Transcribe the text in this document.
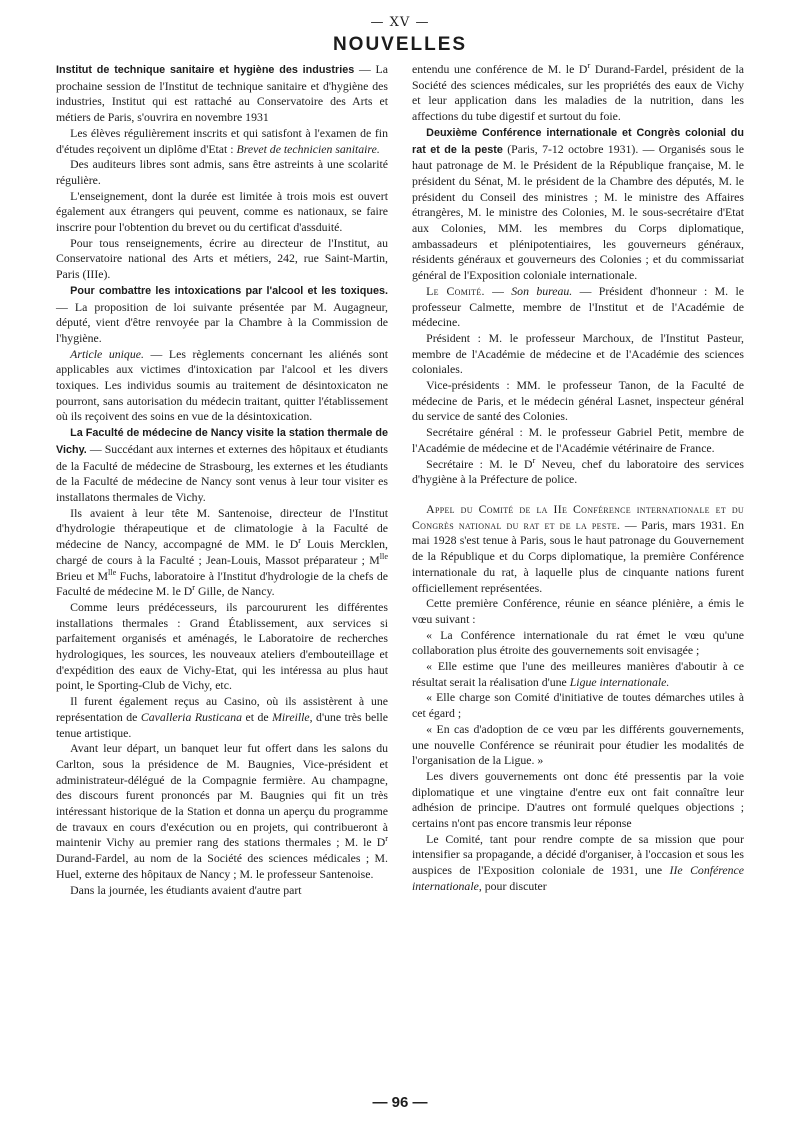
— XV —
NOUVELLES

Institut de technique sanitaire et hygiène des industries — La prochaine session de l'Institut de technique sanitaire et d'hygiène des industries, Institut qui est rattaché au Conservatoire des Arts et métiers de Paris, s'ouvrira en novembre 1931

Les élèves régulièrement inscrits et qui satisfont à l'examen de fin d'études reçoivent un diplôme d'Etat : Brevet de technicien sanitaire.

Des auditeurs libres sont admis, sans être astreints à une scolarité régulière.

L'enseignement, dont la durée est limitée à trois mois est ouvert également aux étrangers qui peuvent, comme es nationaux, se faire inscrire pour l'obtention du brevet ou du certificat d'assduité.

Pour tous renseignements, écrire au directeur de l'Institut, au Conservatoire national des Arts et métiers, 242, rue Saint-Martin, Paris (IIIe).

Pour combattre les intoxications par l'alcool et les toxiques. — La proposition de loi suivante présentée par M. Augagneur, député, vient d'être renvoyée par la Chambre à la Commission de l'hygiène.

Article unique. — Les règlements concernant les aliénés sont applicables aux victimes d'intoxication par l'alcool et les divers toxiques. Les individus soumis au traitement de désintoxicaton ne pourront, sans autorisation du médecin traitant, quitter l'établissement où ils reçoivent des soins en vue de la désintoxication.

La Faculté de médecine de Nancy visite la station thermale de Vichy. — Succédant aux internes et externes des hôpitaux et étudiants de la Faculté de médecine de Strasbourg, les externes et les étudiants de la Faculté de médecine de Nancy sont venus à leur tour visiter es installatons thermales de Vichy.

Ils avaient à leur tête M. Santenoise, directeur de l'Institut d'hydrologie thérapeutique et de climatologie à la Faculté de médecine de Nancy, accompagné de MM. le $D^r$ Louis Mercklen, chargé de cours à la Faculté ; Jean-Louis, Massot préparateur ; $M^{lle}$ Brieu et $M^{lle}$ Fuchs, laboratoire à l'Institut d'hydrologie de la chefs de Faculté de médecine M. le $D^r$ Gille, de Nancy.

Comme leurs prédécesseurs, ils parcoururent les différentes installations thermales : Grand Établissement, aux services si parfaitement organisés et aménagés, le Laboratoire de recherches hydrologiques, les sources, les nouveaux ateliers d'embouteillage et d'expédition des eaux de Vichy-Etat, qui les intéressa au plus haut point, le Sporting-Club de Vichy, etc.

Il furent également reçus au Casino, où ils assistèrent à une représentation de Cavalleria Rusticana et de Mireille, d'une très belle tenue artistique.

Avant leur départ, un banquet leur fut offert dans les salons du Carlton, sous la présidence de M. Baugnies, Vice-président et administrateur-délégué de la Compagnie fermière. Au champagne, des discours furent prononcés par M. Baugnies qui fit un très intéressant historique de la Station et donna un aperçu du programme de travaux en cours d'exécution ou en projets, qui contribueront à maintenir Vichy au premier rang des stations thermales ; M. le $D^r$ Durand-Fardel, au nom de la Société des sciences médicales ; M. Huel, externe des hôpitaux de Nancy ; M. le professeur Santenoise.

Dans la journée, les étudiants avaient d'autre part

entendu une conférence de M. le $D^r$ Durand-Fardel, président de la Société des sciences médicales, sur les propriétés des eaux de Vichy et leur application dans les maladies de la nutrition, dans les affections du tube digestif et surtout du foie.

Deuxième Conférence internationale et Congrès colonial du rat et de la peste (Paris, 7-12 octobre 1931). — Organisés sous le haut patronage de M. le Président de la République française, M. le président du Sénat, M. le président de la Chambre des députés, M. le président du Conseil des ministres ; M. le ministre des Affaires étrangères, M. le ministre des Colonies, M. le sous-secrétaire d'Etat aux Colonies, MM. les membres du Corps diplomatique, ambassadeurs et plénipotentiaires, les gouverneurs généraux, résidents généraux et gouverneurs des Colonies ; et du commissariat général de l'Exposition coloniale internationale.

Le Comité. — Son bureau. — Président d'honneur : M. le professeur Calmette, membre de l'Institut et de l'Académie de médecine.

Président : M. le professeur Marchoux, de l'Institut Pasteur, membre de l'Académie de médecine et de l'Académie des sciences coloniales.

Vice-présidents : MM. le professeur Tanon, de la Faculté de médecine de Paris, et le médecin général Lasnet, inspecteur général du service de santé des Colonies.

Secrétaire général : M. le professeur Gabriel Petit, membre de l'Académie de médecine et de l'Académie vétérinaire de France.

Secrétaire : M. le $D^r$ Neveu, chef du laboratoire des services d'hygiène à la Préfecture de police.

Appel du Comité de la IIe Conférence internationale et du Congrès national du rat et de la peste. — Paris, mars 1931. En mai 1928 s'est tenue à Paris, sous le haut patronage du Gouvernement de la République et du Corps diplomatique, la première Conférence internationale du rat, à laquelle plus de cinquante nations furent officiellement représentées.

Cette première Conférence, réunie en séance plénière, a émis le vœu suivant :

« La Conférence internationale du rat émet le vœu qu'une collaboration plus étroite des gouvernements soit envisagée ;

« Elle estime que l'une des meilleures manières d'aboutir à ce résultat serait la réalisation d'une Ligue internationale.

« Elle charge son Comité d'initiative de toutes démarches utiles à cet égard ;

« En cas d'adoption de ce vœu par les différents gouvernements, une nouvelle Conférence se réunirait pour étudier les modalités de l'organisation de la Ligue. »

Les divers gouvernements ont donc été pressentis par la voie diplomatique et une vingtaine d'entre eux ont fait connaître leur adhésion de principe. D'autres ont formulé quelques objections ; certains n'ont pas encore transmis leur réponse

Le Comité, tant pour rendre compte de sa mission que pour intensifier sa propagande, a décidé d'organiser, à l'occasion et sous les auspices de l'Exposition coloniale de 1931, une IIe Conférence internationale, pour discuter

— 96 —
